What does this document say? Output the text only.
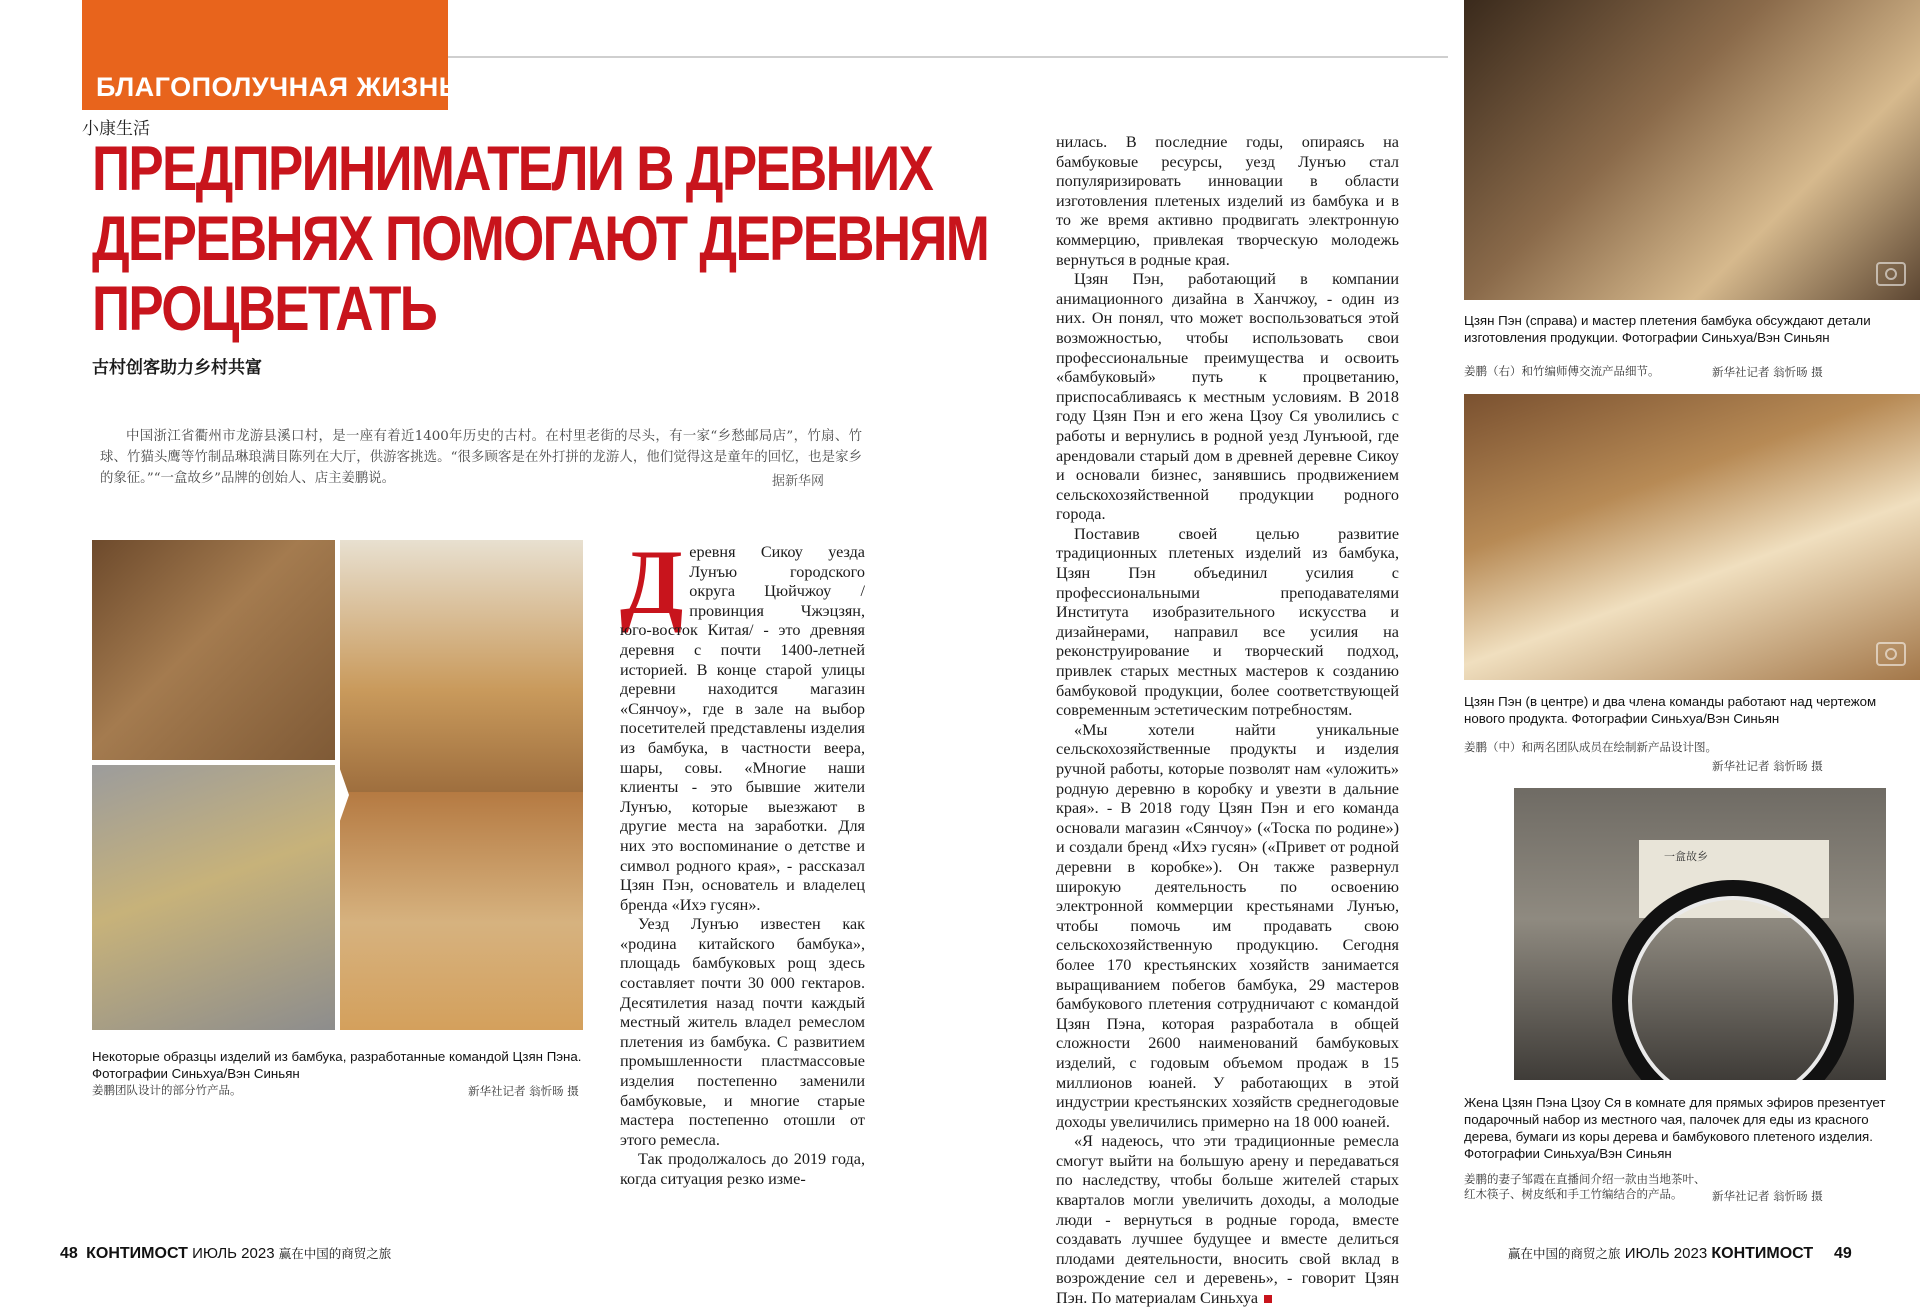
БЛАГОПОЛУЧНАЯ ЖИЗНЬ
小康生活
ПРЕДПРИНИМАТЕЛИ В ДРЕВНИХ
ДЕРЕВНЯХ ПОМОГАЮТ ДЕРЕВНЯМ
ПРОЦВЕТАТЬ
古村创客助力乡村共富

中国浙江省衢州市龙游县溪口村，是一座有着近1400年历史的古村。在村里老街的尽头，有一家“乡愁邮局店”，竹扇、竹球、竹猫头鹰等竹制品琳琅满目陈列在大厅，供游客挑选。“很多顾客是在外打拼的龙游人，他们觉得这是童年的回忆，也是家乡的象征。”“一盒故乡”品牌的创始人、店主姜鹏说。	据新华网

Некоторые образцы изделий из бамбука, разработанные командой Цзян Пэна. Фотографии Синьхуа/Вэн Синьян

姜鹏团队设计的部分竹产品。	新华社记者 翁忻旸 摄

Деревня Сикоу уезда Лунъю городского округа Цюйчжоу / провинция Чжэцзян, юго-восток Китая/ - это древняя деревня с почти 1400-летней историей. В конце старой улицы деревни находится магазин «Сянчоу», где в зале на выбор посетителей представлены изделия из бамбука, в частности веера, шары, совы. «Многие наши клиенты - это бывшие жители Лунъю, которые выезжают в другие места на заработки. Для них это воспоминание о детстве и символ родного края», - рассказал Цзян Пэн, основатель и владелец бренда «Ихэ гусян».

Уезд Лунъю известен как «родина китайского бамбука», площадь бамбуковых рощ здесь составляет почти 30 000 гектаров. Десятилетия назад почти каждый местный житель владел ремеслом плетения из бамбука. С развитием промышленности пластмассовые изделия постепенно заменили бамбуковые, и многие старые мастера постепенно отошли от этого ремесла.

Так продолжалось до 2019 года, когда ситуация резко изме-

нилась. В последние годы, опираясь на бамбуковые ресурсы, уезд Лунъю стал популяризировать инновации в области изготовления плетеных изделий из бамбука и в то же время активно продвигать электронную коммерцию, привлекая творческую молодежь вернуться в родные края.

Цзян Пэн, работающий в компании анимационного дизайна в Ханчжоу, - один из них. Он понял, что может воспользоваться этой возможностью, чтобы использовать свои профессиональные преимущества и освоить «бамбуковый» путь к процветанию, приспосабливаясь к местным условиям. В 2018 году Цзян Пэн и его жена Цзоу Ся уволились с работы и вернулись в родной уезд Лунъюой, где арендовали старый дом в древней деревне Сикоу и основали бизнес, занявшись продвижением сельскохозяйственной продукции родного города.

Поставив своей целью развитие традиционных плетеных изделий из бамбука, Цзян Пэн объединил усилия с профессиональными преподавателями Института изобразительного искусства и дизайнерами, направил все усилия на реконструирование и творческий подход, привлек старых местных мастеров к созданию бамбуковой продукции, более соответствующей современным эстетическим потребностям.

«Мы хотели найти уникальные сельскохозяйственные продукты и изделия ручной работы, которые позволят нам «уложить» родную деревню в коробку и увезти в дальние края». - В 2018 году Цзян Пэн и его команда основали магазин «Сянчоу» («Тоска по родине») и создали бренд «Ихэ гусян» («Привет от родной деревни в коробке»). Он также развернул широкую деятельность по освоению электронной коммерции крестьянами Лунъю, чтобы помочь им продавать свою сельскохозяйственную продукцию. Сегодня более 170 крестьянских хозяйств занимается выращиванием побегов бамбука, 29 мастеров бамбукового плетения сотрудничают с командой Цзян Пэна, которая разработала в общей сложности 2600 наименований бамбуковых изделий, с годовым объемом продаж в 15 миллионов юаней. У работающих в этой индустрии крестьянских хозяйств среднегодовые доходы увеличились примерно на 18 000 юаней.

«Я надеюсь, что эти традиционные ремесла смогут выйти на большую арену и передаваться по наследству, чтобы больше жителей старых кварталов могли увеличить доходы, а молодые люди - вернуться в родные города, вместе создавать лучшее будущее и вместе делиться плодами деятельности, вносить свой вклад в возрождение сел и деревень», - говорит Цзян Пэн. По материалам Синьхуа

Цзян Пэн (справа) и мастер плетения бамбука обсуждают детали изготовления продукции. Фотографии Синьхуа/Вэн Синьян

姜鹏（右）和竹编师傅交流产品细节。	新华社记者 翁忻旸 摄

Цзян Пэн (в центре) и два члена команды работают над чертежом нового продукта. Фотографии Синьхуа/Вэн Синьян

姜鹏（中）和两名团队成员在绘制新产品设计图。
新华社记者 翁忻旸 摄
一盒故乡

Жена Цзян Пэна Цзоу Ся в комнате для прямых эфиров презентует подарочный набор из местного чая, палочек для еды из красного дерева, бумаги из коры дерева и бамбукового плетеного изделия. Фотографии Синьхуа/Вэн Синьян

姜鹏的妻子邹霞在直播间介绍一款由当地茶叶、红木筷子、树皮纸和手工竹编结合的产品。	新华社记者 翁忻旸 摄
48 КОНТИМОСТ ИЮЛЬ 2023 赢在中国的商贸之旅	赢在中国的商贸之旅 ИЮЛЬ 2023 КОНТИМОСТ 49
